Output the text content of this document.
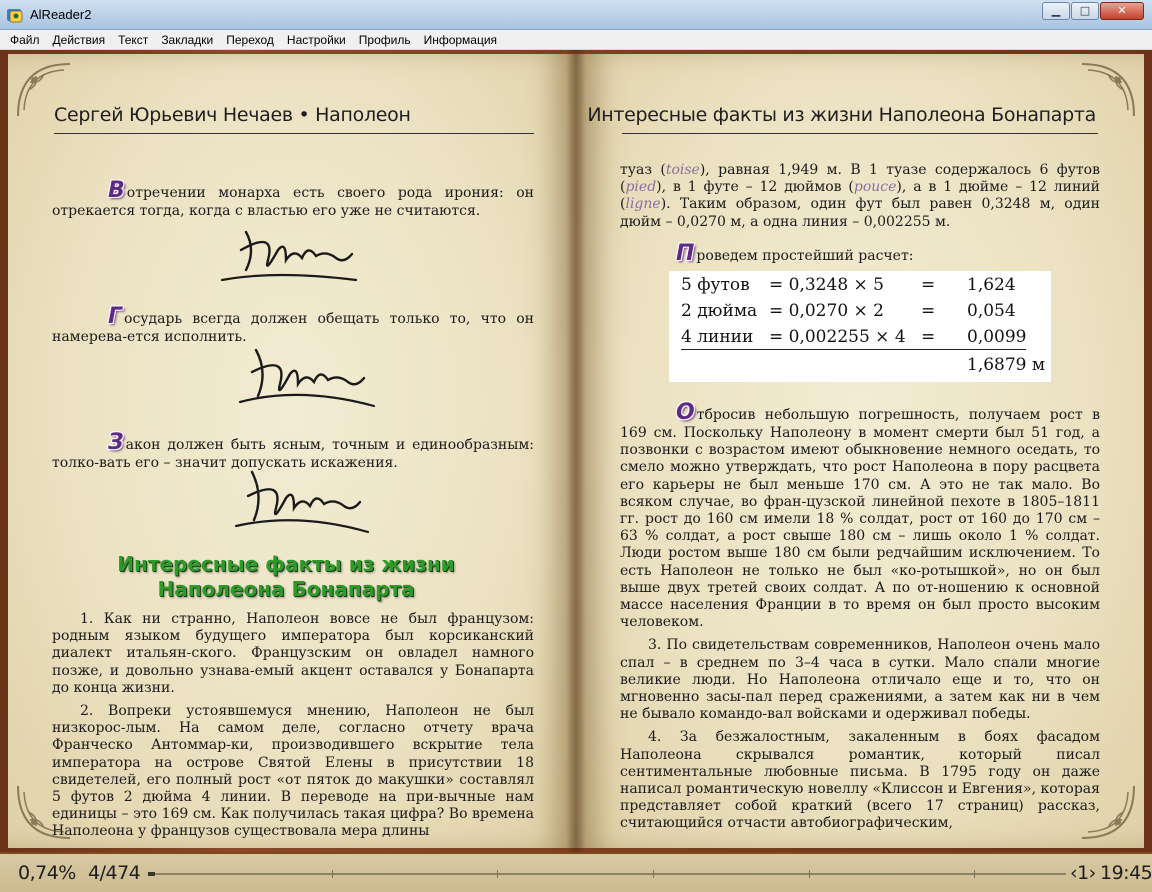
AlReader2	▁	□	✕
Файл Действия Текст Закладки Переход Настройки Профиль Информация
Сергей Юрьевич Нечаев • Наполеон

Вотречении монарха есть своего рода ирония: он отрекается тогда, когда с властью его уже не считаются.

Государь всегда должен обещать только то, что он намерева-ется исполнить.

Закон должен быть ясным, точным и единообразным: толко-вать его – значит допускать искажения.

Интересные факты из жизни
Наполеона Бонапарта

1. Как ни странно, Наполеон вовсе не был французом: родным языком будущего императора был корсиканский диалект итальян-ского. Французским он овладел намного позже, и довольно узнава-емый акцент оставался у Бонапарта до конца жизни.

2. Вопреки устоявшемуся мнению, Наполеон не был низкорос-лым. На самом деле, согласно отчету врача Франческо Антоммар-ки, производившего вскрытие тела императора на острове Святой Елены в присутствии 18 свидетелей, его полный рост «от пяток до макушки» составлял 5 футов 2 дюйма 4 линии. В переводе на при-вычные нам единицы – это 169 см. Как получилась такая цифра? Во времена Наполеона у французов существовала мера длины

Интересные факты из жизни Наполеона Бонапарта

туаз (toise), равная 1,949 м. В 1 туазе содержалось 6 футов (pied), в 1 футе – 12 дюймов (pouce), а в 1 дюйме – 12 линий (ligne). Таким образом, один фут был равен 0,3248 м, один дюйм – 0,0270 м, а одна линия – 0,002255 м.

Проведем простейший расчет:

Отбросив небольшую погрешность, получаем рост в 169 см. Поскольку Наполеону в момент смерти был 51 год, а позвонки с возрастом имеют обыкновение немного оседать, то смело можно утверждать, что рост Наполеона в пору расцвета его карьеры не был меньше 170 см. А это не так мало. Во всяком случае, во фран-цузской линейной пехоте в 1805–1811 гг. рост до 160 см имели 18 % солдат, рост от 160 до 170 см – 63 % солдат, а рост свыше 180 см – лишь около 1 % солдат. Люди ростом выше 180 см были редчайшим исключением. То есть Наполеон не только не был «ко-ротышкой», но он был выше двух третей своих солдат. А по от-ношению к основной массе населения Франции в то время он был просто высоким человеком.

3. По свидетельствам современников, Наполеон очень мало спал – в среднем по 3–4 часа в сутки. Мало спали многие великие люди. Но Наполеона отличало еще и то, что он мгновенно засы-пал перед сражениями, а затем как ни в чем не бывало командо-вал войсками и одерживал победы.

4. За безжалостным, закаленным в боях фасадом Наполеона скрывался романтик, который писал сентиментальные любовные письма. В 1795 году он даже написал романтическую новеллу «Клиссон и Евгения», которая представляет собой краткий (всего 17 страниц) рассказ, считающийся отчасти автобиографическим,

5 футов = 0,3248 × 5 = 1,624
2 дюйма = 0,0270 × 2 = 0,054
4 линии = 0,002255 × 4 = 0,0099
1,6879 м
0,74% 4/474	‹1› 19:45
